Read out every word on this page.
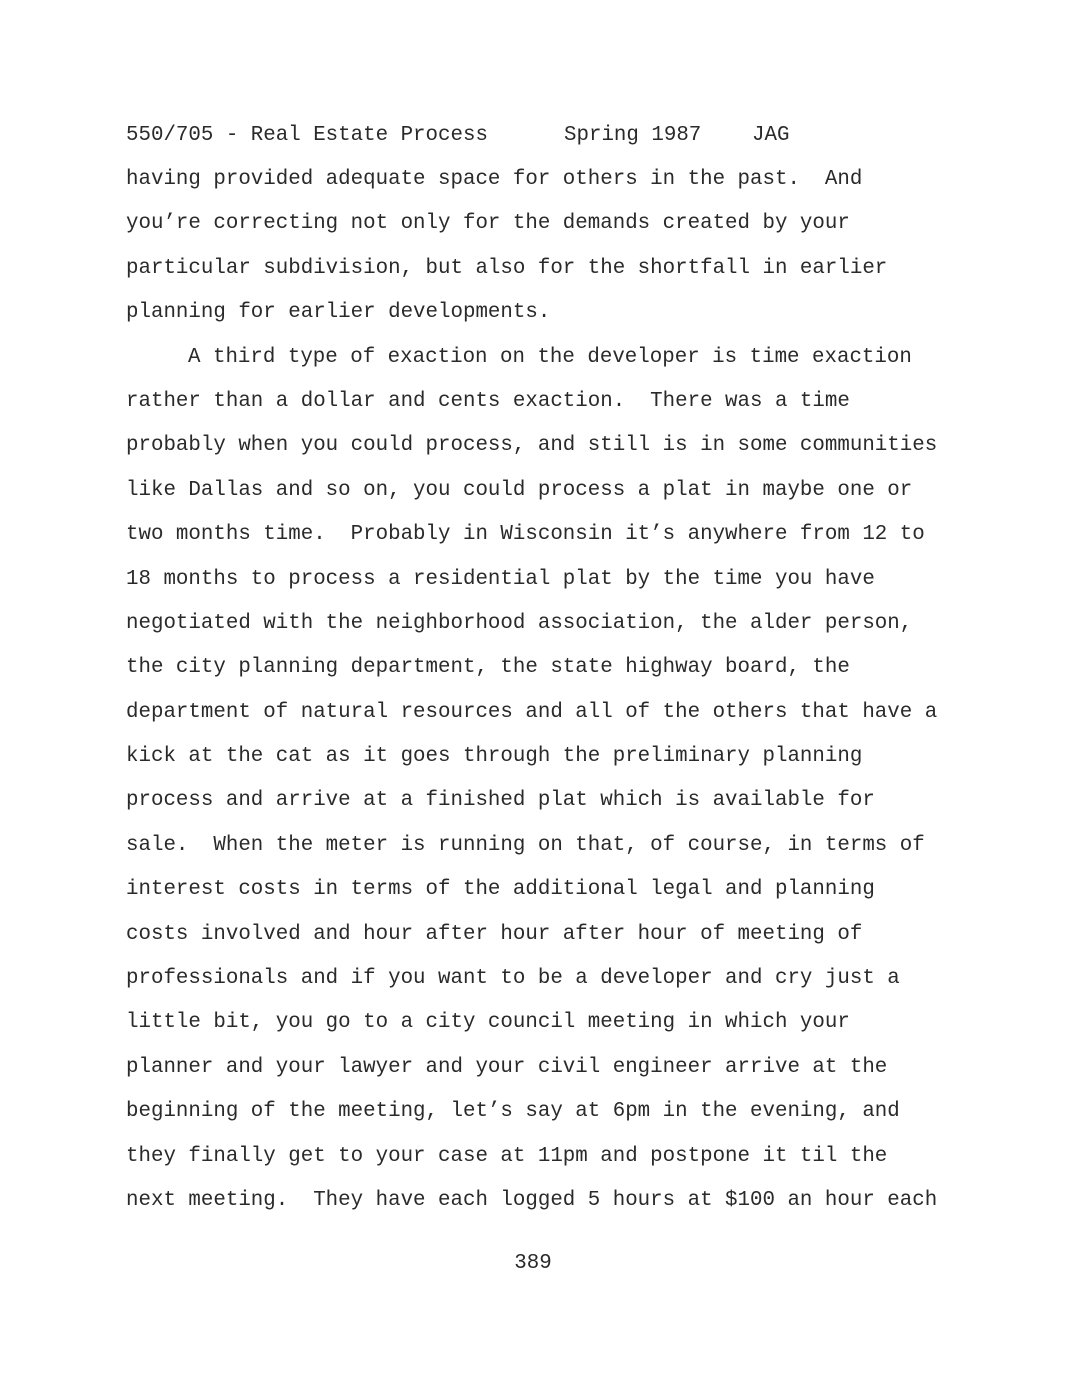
550/705 - Real Estate Process	Spring 1987 JAG
having provided adequate space for others in the past.  And
you’re correcting not only for the demands created by your
particular subdivision, but also for the shortfall in earlier
planning for earlier developments.
A third type of exaction on the developer is time exaction
rather than a dollar and cents exaction.  There was a time
probably when you could process, and still is in some communities
like Dallas and so on, you could process a plat in maybe one or
two months time.  Probably in Wisconsin it’s anywhere from 12 to
18 months to process a residential plat by the time you have
negotiated with the neighborhood association, the alder person,
the city planning department, the state highway board, the
department of natural resources and all of the others that have a
kick at the cat as it goes through the preliminary planning
process and arrive at a finished plat which is available for
sale.  When the meter is running on that, of course, in terms of
interest costs in terms of the additional legal and planning
costs involved and hour after hour after hour of meeting of
professionals and if you want to be a developer and cry just a
little bit, you go to a city council meeting in which your
planner and your lawyer and your civil engineer arrive at the
beginning of the meeting, let’s say at 6pm in the evening, and
they finally get to your case at 11pm and postpone it til the
next meeting.  They have each logged 5 hours at $100 an hour each
389
